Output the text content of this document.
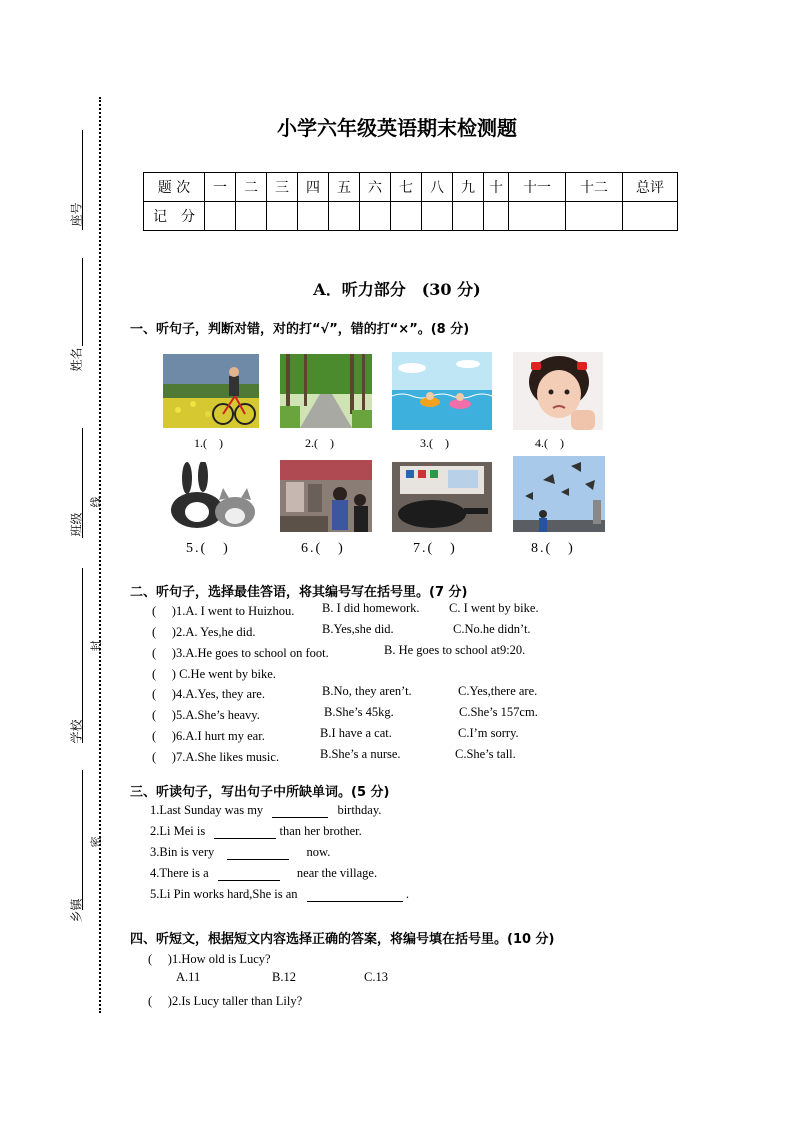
座号
姓名
班级
线
学校
封
乡镇
密
小学六年级英语期末检测题
题 次	一	二	三	四	五	六	七	八	九	十	十一	十二	总评
记　分													
A．听力部分　(30 分)
一、听句子，判断对错，对的打“√”，错的打“×”。(8 分)
1.(　)	2.(　)	3.(　)	4.(　)
5.(　)	6.(　)	7.(　)	8.(　)
二、听句子，选择最佳答语，将其编号写在括号里。(7 分)
(　 )1.A. I went to Huizhou. B. I did homework. C. I went by bike.
(　 )2.A. Yes,he did.	B.Yes,she did.	C.No.he didn’t.
(　 )3.A.He goes to school on foot.	B. He goes to school at9:20.
(　 ) C.He went by bike.
(　 )4.A.Yes, they are.	B.No, they aren’t.	C.Yes,there are.
(　 )5.A.She’s heavy.	B.She’s 45kg.	C.She’s 157cm.
(　 )6.A.I hurt my ear.	B.I have a cat.	C.I’m sorry.
(　 )7.A.She likes music.	B.She’s a nurse.	C.She’s tall.
三、听读句子，写出句子中所缺单词。(5 分)
1.Last Sunday was my	birthday.
2.Li Mei is	than her brother.
3.Bin is very	now.
4.There is a	near the village.
5.Li Pin works hard,She is an	.
四、听短文，根据短文内容选择正确的答案，将编号填在括号里。(10 分)
(　 )1.How old is Lucy?
A.11	B.12	C.13
(　 )2.Is Lucy taller than Lily?
